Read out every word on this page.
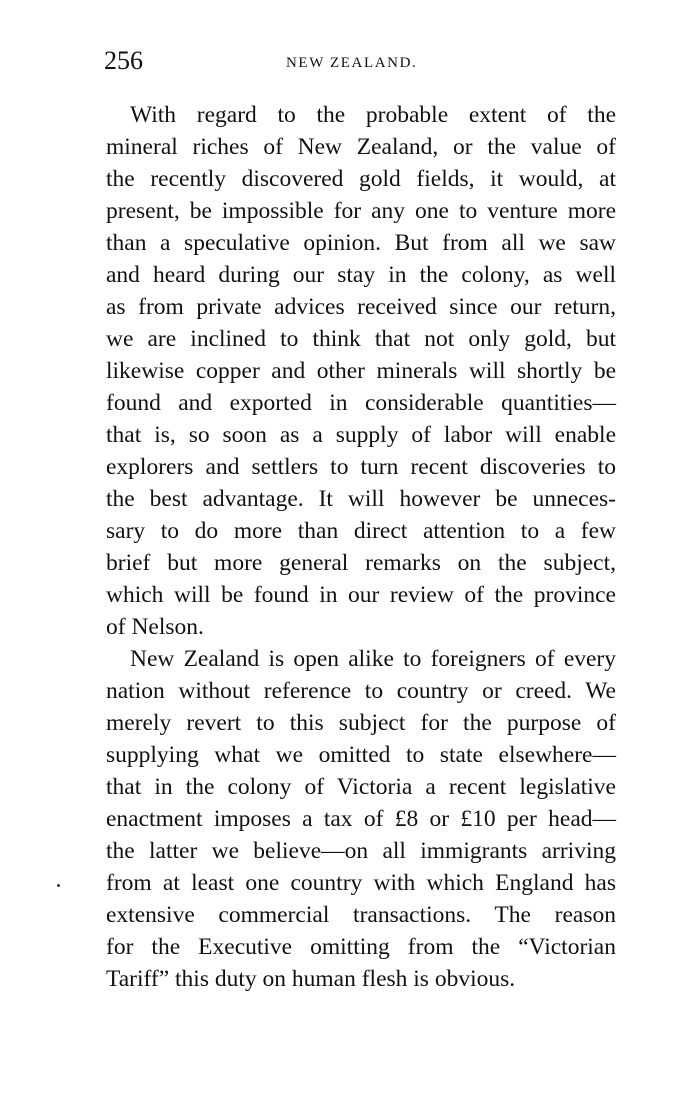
256	NEW ZEALAND.
With regard to the probable extent of the
mineral riches of New Zealand, or the value of
the recently discovered gold fields, it would, at
present, be impossible for any one to venture more
than a speculative opinion. But from all we saw
and heard during our stay in the colony, as well
as from private advices received since our return,
we are inclined to think that not only gold, but
likewise copper and other minerals will shortly be
found and exported in considerable quantities—
that is, so soon as a supply of labor will enable
explorers and settlers to turn recent discoveries to
the best advantage. It will however be unneces-
sary to do more than direct attention to a few
brief but more general remarks on the subject,
which will be found in our review of the province
of Nelson.
New Zealand is open alike to foreigners of every
nation without reference to country or creed. We
merely revert to this subject for the purpose of
supplying what we omitted to state elsewhere—
that in the colony of Victoria a recent legislative
enactment imposes a tax of £8 or £10 per head—
the latter we believe—on all immigrants arriving
from at least one country with which England has
extensive commercial transactions. The reason
for the Executive omitting from the “Victorian
Tariff” this duty on human flesh is obvious.
